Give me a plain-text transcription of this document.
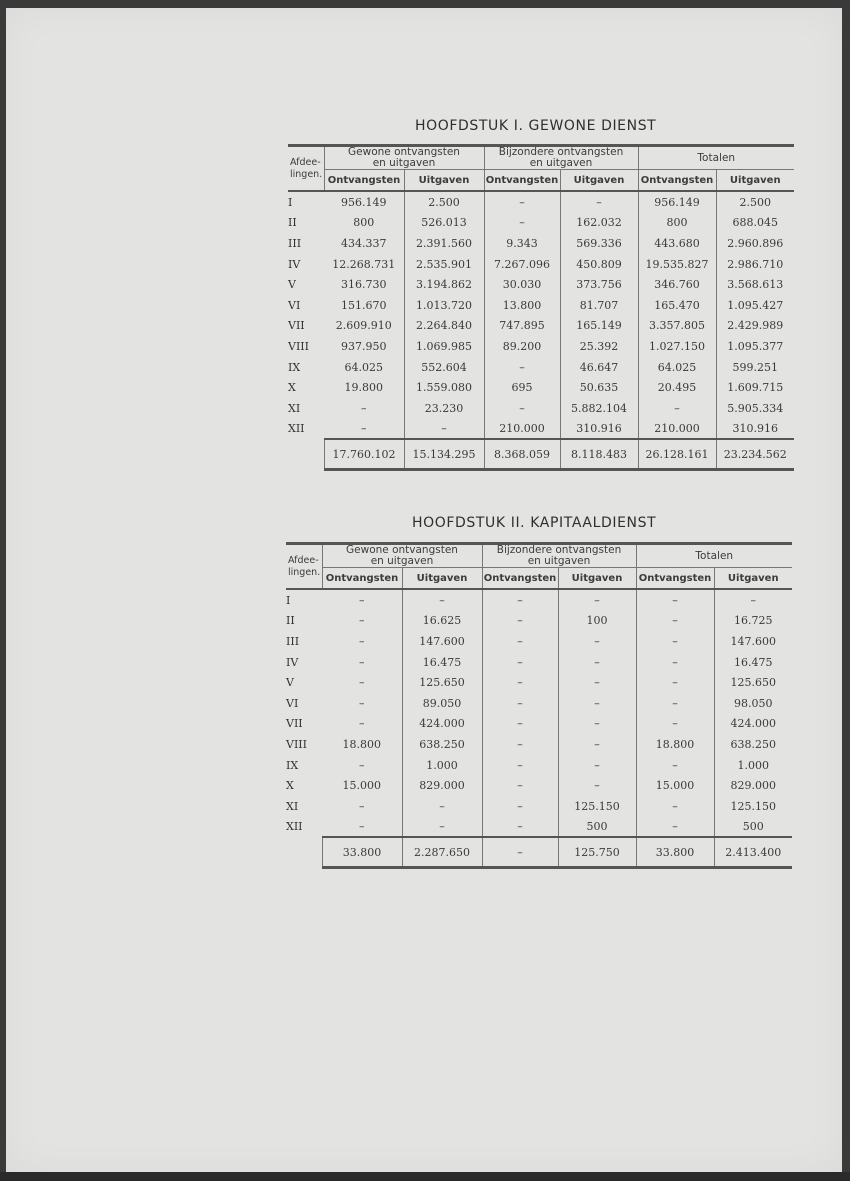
HOOFDSTUK I. GEWONE DIENST
Afdee-
lingen.	Gewone ontvangsten
en uitgaven		Bijzondere ontvangsten
en uitgaven		Totalen	
	Ontvangsten	Uitgaven	Ontvangsten	Uitgaven	Ontvangsten	Uitgaven
I	956.149	2.500	–	–	956.149	2.500
II	800	526.013	–	162.032	800	688.045
III	434.337	2.391.560	9.343	569.336	443.680	2.960.896
IV	12.268.731	2.535.901	7.267.096	450.809	19.535.827	2.986.710
V	316.730	3.194.862	30.030	373.756	346.760	3.568.613
VI	151.670	1.013.720	13.800	81.707	165.470	1.095.427
VII	2.609.910	2.264.840	747.895	165.149	3.357.805	2.429.989
VIII	937.950	1.069.985	89.200	25.392	1.027.150	1.095.377
IX	64.025	552.604	–	46.647	64.025	599.251
X	19.800	1.559.080	695	50.635	20.495	1.609.715
XI	–	23.230	–	5.882.104	–	5.905.334
XII	–	–	210.000	310.916	210.000	310.916
	17.760.102	15.134.295	8.368.059	8.118.483	26.128.161	23.234.562
HOOFDSTUK II. KAPITAALDIENST
Afdee-
lingen.	Gewone ontvangsten
en uitgaven		Bijzondere ontvangsten
en uitgaven		Totalen	
	Ontvangsten	Uitgaven	Ontvangsten	Uitgaven	Ontvangsten	Uitgaven
I	–	–	–	–	–	–
II	–	16.625	–	100	–	16.725
III	–	147.600	–	–	–	147.600
IV	–	16.475	–	–	–	16.475
V	–	125.650	–	–	–	125.650
VI	–	89.050	–	–	–	98.050
VII	–	424.000	–	–	–	424.000
VIII	18.800	638.250	–	–	18.800	638.250
IX	–	1.000	–	–	–	1.000
X	15.000	829.000	–	–	15.000	829.000
XI	–	–	–	125.150	–	125.150
XII	–	–	–	500	–	500
	33.800	2.287.650	–	125.750	33.800	2.413.400
